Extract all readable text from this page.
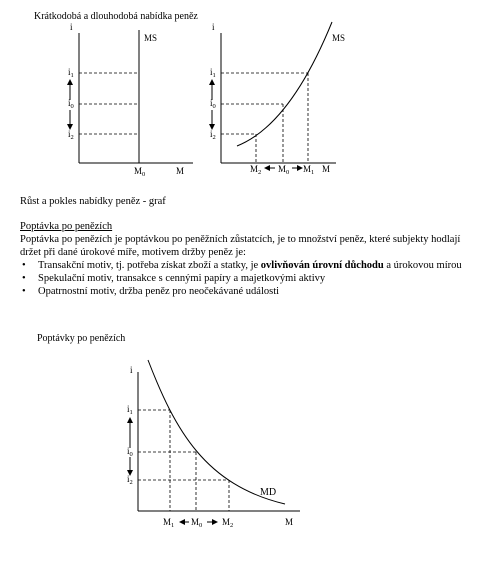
Krátkodobá a dlouhodobá nabídka peněz
i
MS
$i_1$
$i_0$
$i_2$
$M_0$	M
i
MS
$i_1$
$i_0$
$i_2$
$M_2$ $M_0$ $M_1$ M
Růst a pokles nabídky peněz - graf
Poptávka po penězích
Poptávka po penězích je poptávkou po peněžních zůstatcích, je to množství peněz, které subjekty hodlají
držet při dané úrokové míře, motivem držby peněz je:
• Transakční motiv, tj. potřeba získat zboží a statky, je ovlivňován úrovní důchodu a úrokovou mírou
• Spekulační motiv, transakce s cennými papíry a majetkovými aktivy
• Opatrnostní motiv, držba peněz pro neočekávané události
Poptávky po penězích
i
MD
$i_1$
$i_0$
$i_2$
$M_1$ $M_0$ $M_2$	M
